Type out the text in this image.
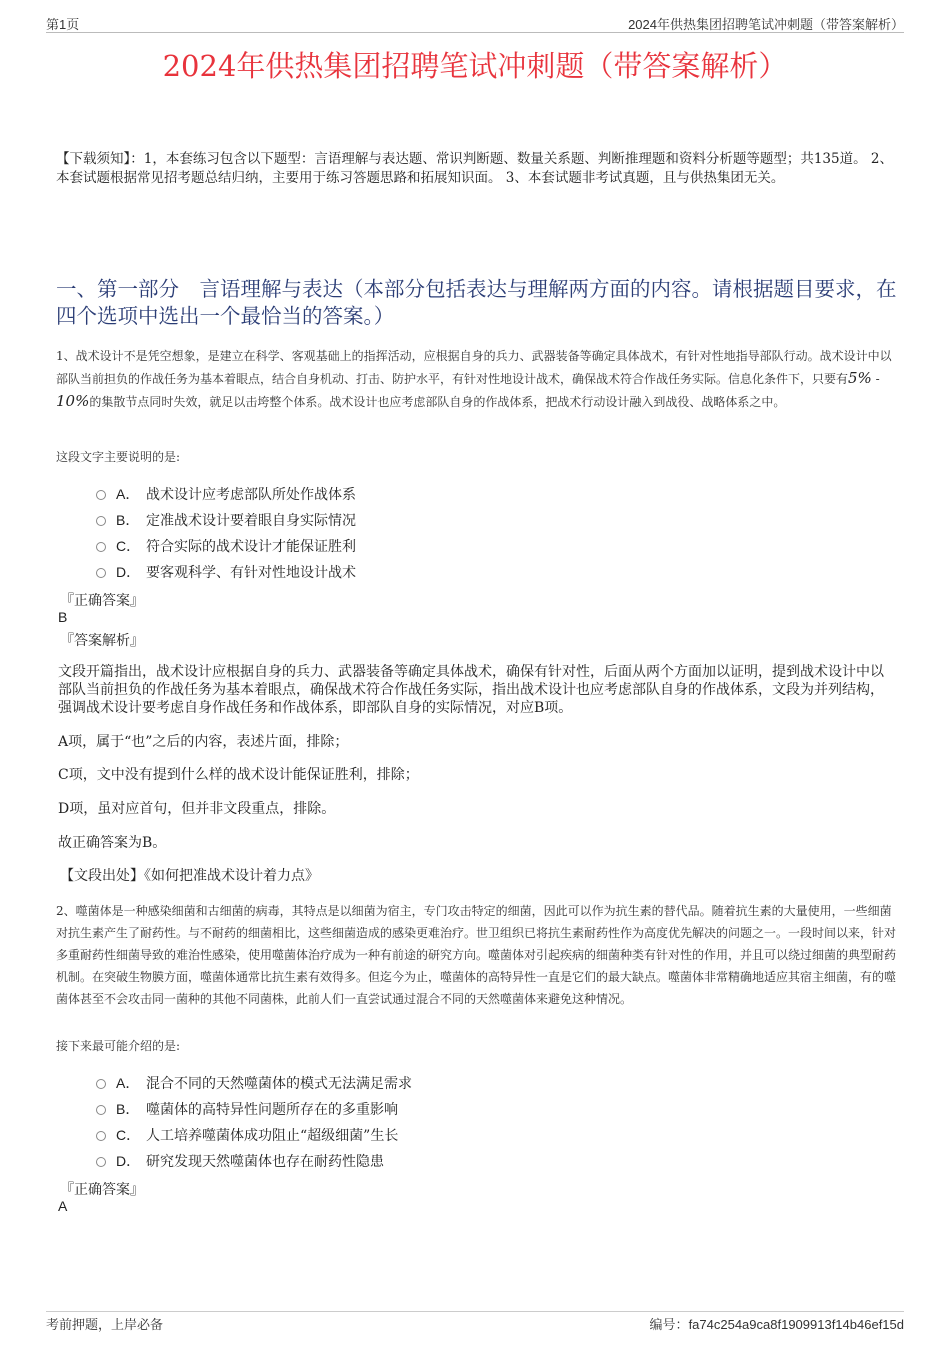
第1页	2024年供热集团招聘笔试冲刺题（带答案解析）
2024年供热集团招聘笔试冲刺题（带答案解析）
【下载须知】：1，本套练习包含以下题型：言语理解与表达题、常识判断题、数量关系题、判断推理题和资料分析题等题型；共135道。 2、本套试题根据常见招考题总结归纳，主要用于练习答题思路和拓展知识面。 3、本套试题非考试真题，且与供热集团无关。
一、第一部分　言语理解与表达（本部分包括表达与理解两方面的内容。请根据题目要求，在四个选项中选出一个最恰当的答案。）
1、战术设计不是凭空想象，是建立在科学、客观基础上的指挥活动，应根据自身的兵力、武器装备等确定具体战术，有针对性地指导部队行动。战术设计中以部队当前担负的作战任务为基本着眼点，结合自身机动、打击、防护水平，有针对性地设计战术，确保战术符合作战任务实际。信息化条件下，只要有5% - 10%的集散节点同时失效，就足以击垮整个体系。战术设计也应考虑部队自身的作战体系，把战术行动设计融入到战役、战略体系之中。
这段文字主要说明的是:
A． 战术设计应考虑部队所处作战体系
B． 定准战术设计要着眼自身实际情况
C． 符合实际的战术设计才能保证胜利
D． 要客观科学、有针对性地设计战术
『正确答案』
B
『答案解析』
文段开篇指出，战术设计应根据自身的兵力、武器装备等确定具体战术，确保有针对性，后面从两个方面加以证明，提到战术设计中以部队当前担负的作战任务为基本着眼点，确保战术符合作战任务实际，指出战术设计也应考虑部队自身的作战体系，文段为并列结构，强调战术设计要考虑自身作战任务和作战体系，即部队自身的实际情况，对应B项。
A项，属于“也”之后的内容，表述片面，排除；
C项，文中没有提到什么样的战术设计能保证胜利，排除；
D项，虽对应首句，但并非文段重点，排除。
故正确答案为B。
【文段出处】《如何把准战术设计着力点》
2、噬菌体是一种感染细菌和古细菌的病毒，其特点是以细菌为宿主，专门攻击特定的细菌，因此可以作为抗生素的替代品。随着抗生素的大量使用，一些细菌对抗生素产生了耐药性。与不耐药的细菌相比，这些细菌造成的感染更难治疗。世卫组织已将抗生素耐药性作为高度优先解决的问题之一。一段时间以来，针对多重耐药性细菌导致的难治性感染，使用噬菌体治疗成为一种有前途的研究方向。噬菌体对引起疾病的细菌种类有针对性的作用，并且可以绕过细菌的典型耐药机制。在突破生物膜方面，噬菌体通常比抗生素有效得多。但迄今为止，噬菌体的高特异性一直是它们的最大缺点。噬菌体非常精确地适应其宿主细菌，有的噬菌体甚至不会攻击同一菌种的其他不同菌株，此前人们一直尝试通过混合不同的天然噬菌体来避免这种情况。
接下来最可能介绍的是:
A． 混合不同的天然噬菌体的模式无法满足需求
B． 噬菌体的高特异性问题所存在的多重影响
C． 人工培养噬菌体成功阻止“超级细菌”生长
D． 研究发现天然噬菌体也存在耐药性隐患
『正确答案』
A
考前押题，上岸必备	编号：fa74c254a9ca8f1909913f14b46ef15d
